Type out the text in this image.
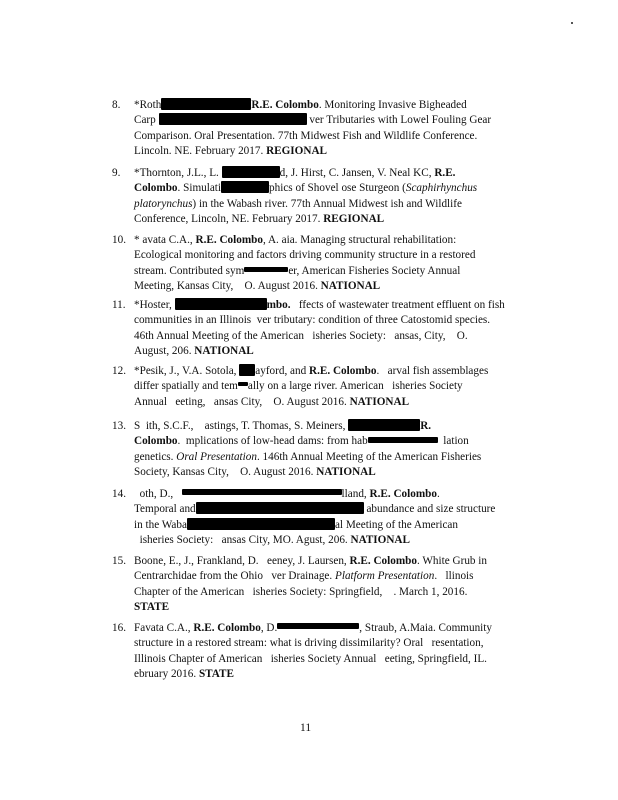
8. *Roth	R.E. Colombo. Monitoring Invasive Bigheaded
Carp	ver Tributaries with Lowel Fouling Gear
Comparison. Oral Presentation. 77th Midwest Fish and Wildlife Conference.
Lincoln. NE. February 2017. REGIONAL
9. *Thornton, J.L., L.	d, J. Hirst, C. Jansen, V. Neal KC, R.E.
Colombo. Simulati	phics of Shovel ose Sturgeon (Scaphirhynchus
platorynchus) in the Wabash river. 77th Annual Midwest ish and Wildlife
Conference, Lincoln, NE. February 2017. REGIONAL
10. * avata C.A., R.E. Colombo, A. aia. Managing structural rehabilitation:
Ecological monitoring and factors driving community structure in a restored
stream. Contributed sym	er, American Fisheries Society Annual
Meeting, Kansas City, O. August 2016. NATIONAL
11. *Hoster,	mbo. ffects of wastewater treatment effluent on fish
communities in an Illinois ver tributary: condition of three Catostomid species.
46th Annual Meeting of the American isheries Society: ansas, City, O.
August, 206. NATIONAL
12. *Pesik, J., V.A. Sotola, ayford, and R.E. Colombo. arval fish assemblages
differ spatially and tem ally on a large river. American isheries Society
Annual eeting, ansas City, O. August 2016. NATIONAL
13. S ith, S.C.F., astings, T. Thomas, S. Meiners,	R.
Colombo. mplications of low-head dams: from hab	lation
genetics. Oral Presentation. 146th Annual Meeting of the American Fisheries
Society, Kansas City, O. August 2016. NATIONAL
14.	oth, D.,	lland, R.E. Colombo.
Temporal and	abundance and size structure
in the Waba	al Meeting of the American
isheries Society: ansas City, MO. Agust, 206. NATIONAL
15. Boone, E., J., Frankland, D. eeney, J. Laursen, R.E. Colombo. White Grub in
Centrarchidae from the Ohio ver Drainage. Platform Presentation. llinois
Chapter of the American isheries Society: Springfield, . March 1, 2016.
STATE
16. Favata C.A., R.E. Colombo, D.	, Straub, A.Maia. Community
structure in a restored stream: what is driving dissimilarity? Oral resentation,
Illinois Chapter of American isheries Society Annual eeting, Springfield, IL.
ebruary 2016. STATE
11
